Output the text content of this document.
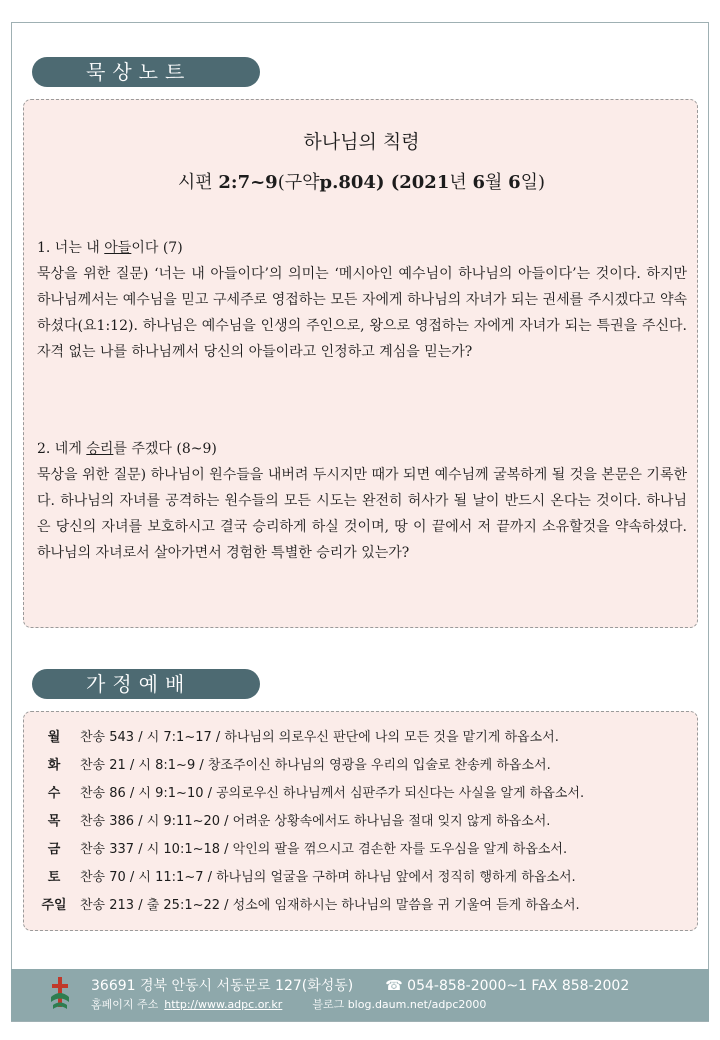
묵상노트
하나님의 칙령
시편 2:7~9(구약p.804) (2021년 6월 6일)
1. 너는 내 아들이다 (7)
묵상을 위한 질문) ‘너는 내 아들이다’의 의미는 ‘메시아인 예수님이 하나님의 아들이다’는 것이다. 하지만 하나님께서는 예수님을 믿고 구세주로 영접하는 모든 자에게 하나님의 자녀가 되는 권세를 주시겠다고 약속하셨다(요1:12). 하나님은 예수님을 인생의 주인으로, 왕으로 영접하는 자에게 자녀가 되는 특권을 주신다. 자격 없는 나를 하나님께서 당신의 아들이라고 인정하고 계심을 믿는가?
2. 네게 승리를 주겠다 (8~9)
묵상을 위한 질문) 하나님이 원수들을 내버려 두시지만 때가 되면 예수님께 굴복하게 될 것을 본문은 기록한다. 하나님의 자녀를 공격하는 원수들의 모든 시도는 완전히 허사가 될 날이 반드시 온다는 것이다. 하나님은 당신의 자녀를 보호하시고 결국 승리하게 하실 것이며, 땅 이 끝에서 저 끝까지 소유할것을 약속하셨다. 하나님의 자녀로서 살아가면서 경험한 특별한 승리가 있는가?
가정예배
월 찬송 543 / 시 7:1~17 / 하나님의 의로우신 판단에 나의 모든 것을 맡기게 하옵소서.
화 찬송 21 / 시 8:1~9 / 창조주이신 하나님의 영광을 우리의 입술로 찬송케 하옵소서.
수 찬송 86 / 시 9:1~10 / 공의로우신 하나님께서 심판주가 되신다는 사실을 알게 하옵소서.
목 찬송 386 / 시 9:11~20 / 어려운 상황속에서도 하나님을 절대 잊지 않게 하옵소서.
금 찬송 337 / 시 10:1~18 / 악인의 팔을 꺾으시고 겸손한 자를 도우심을 알게 하옵소서.
토 찬송 70 / 시 11:1~7 / 하나님의 얼굴을 구하며 하나님 앞에서 정직히 행하게 하옵소서.
주일 찬송 213 / 출 25:1~22 / 성소에 임재하시는 하나님의 말씀을 귀 기울여 듣게 하옵소서.
36691 경북 안동시 서동문로 127(화성동) ☎ 054-858-2000~1 FAX 858-2002
홈페이지 주소 http://www.adpc.or.kr	블로그 blog.daum.net/adpc2000
